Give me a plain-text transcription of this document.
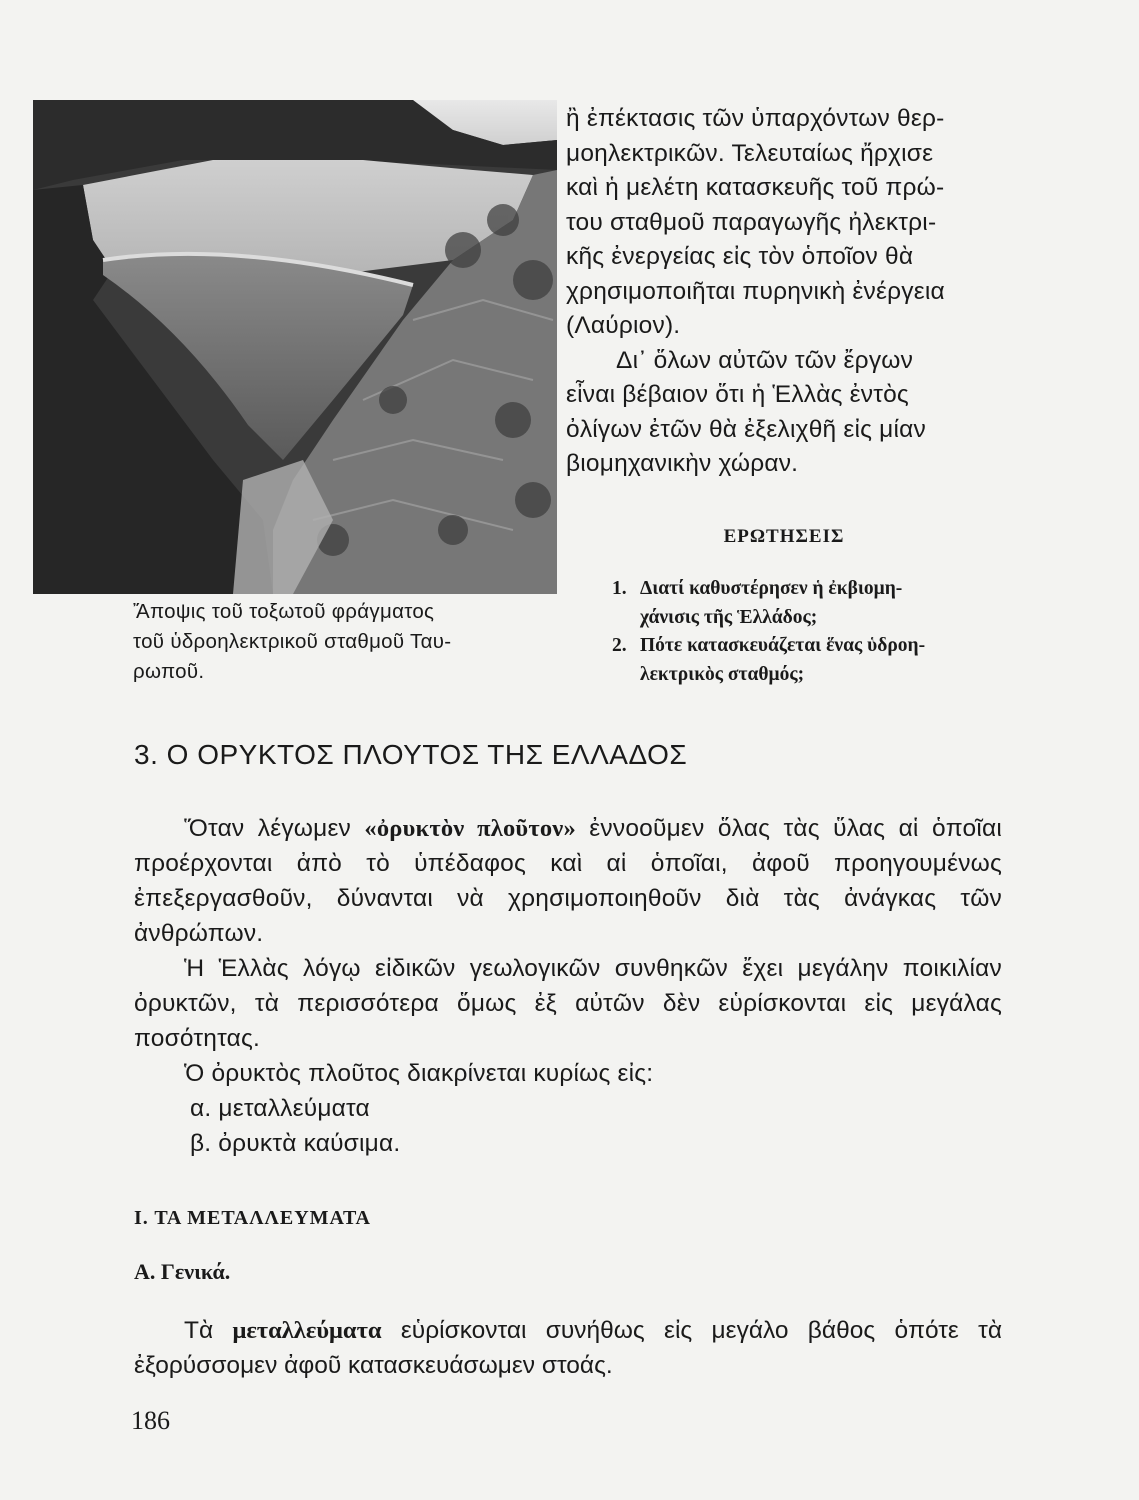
Ἄποψις τοῦ τοξωτοῦ φράγματος

τοῦ ὑδροηλεκτρικοῦ σταθμοῦ Ταυ-

ρωποῦ.

ἢ ἐπέκτασις τῶν ὑπαρχόντων θερ-

μοηλεκτρικῶν. Τελευταίως ἤρχισε

καὶ ἡ μελέτη κατασκευῆς τοῦ πρώ-

του σταθμοῦ παραγωγῆς ἠλεκτρι-

κῆς ἐνεργείας εἰς τὸν ὁποῖον θὰ

χρησιμοποιῆται πυρηνικὴ ἐνέργεια

(Λαύριον).

Δι᾽ ὅλων αὐτῶν τῶν ἔργων

εἶναι βέβαιον ὅτι ἡ Ἑλλὰς ἐντὸς

ὀλίγων ἐτῶν θὰ ἐξελιχθῆ εἰς μίαν

βιομηχανικὴν χώραν.

ΕΡΩΤΗΣΕΙΣ
1. Διατί καθυστέρησεν ἡ ἐκβιομη-
χάνισις τῆς Ἑλλάδος;
2. Πότε κατασκευάζεται ἕνας ὑδροη-
λεκτρικὸς σταθμός;
3. Ο ΟΡΥΚΤΟΣ ΠΛΟΥΤΟΣ ΤΗΣ ΕΛΛΑΔΟΣ

Ὅταν λέγωμεν «ὀρυκτὸν πλοῦτον» ἐννοοῦμεν ὅλας τὰς ὕλας αἱ ὁποῖαι προέρχονται ἀπὸ τὸ ὑπέδαφος καὶ αἱ ὁποῖαι, ἀφοῦ προηγουμένως ἐπεξεργασθοῦν, δύνανται νὰ χρησιμοποιηθοῦν διὰ τὰς ἀνάγκας τῶν ἀνθρώπων.

Ἡ Ἑλλὰς λόγῳ εἰδικῶν γεωλογικῶν συνθηκῶν ἔχει μεγάλην ποικιλίαν ὀρυκτῶν, τὰ περισσότερα ὅμως ἐξ αὐτῶν δὲν εὑρίσκονται εἰς μεγάλας ποσότητας.

Ὁ ὀρυκτὸς πλοῦτος διακρίνεται κυρίως εἰς:

α. μεταλλεύματα

β. ὀρυκτὰ καύσιμα.

Ι. ΤΑ ΜΕΤΑΛΛΕΥΜΑΤΑ
Α. Γενικά.

Τὰ μεταλλεύματα εὑρίσκονται συνήθως εἰς μεγάλο βάθος ὁπότε τὰ ἐξορύσσομεν ἀφοῦ κατασκευάσωμεν στοάς.

186
